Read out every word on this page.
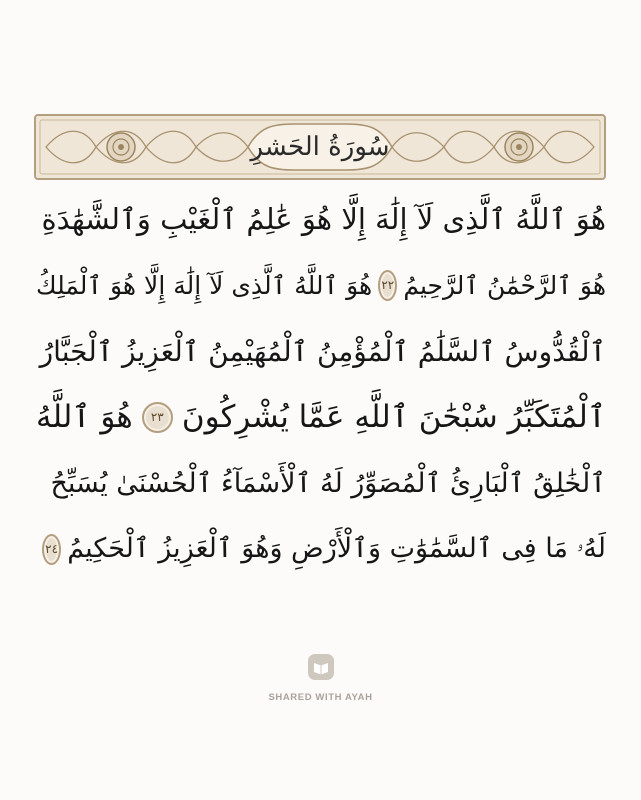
سُورَةُ الحَشرِ
هُوَ ٱللَّهُ ٱلَّذِى لَآ إِلَٰهَ إِلَّا هُوَ عَٰلِمُ ٱلْغَيْبِ وَٱلشَّهَٰدَةِ
هُوَ ٱلرَّحْمَٰنُ ٱلرَّحِيمُ
٢٢
هُوَ ٱللَّهُ ٱلَّذِى لَآ إِلَٰهَ إِلَّا هُوَ ٱلْمَلِكُ
ٱلْقُدُّوسُ ٱلسَّلَٰمُ ٱلْمُؤْمِنُ ٱلْمُهَيْمِنُ ٱلْعَزِيزُ ٱلْجَبَّارُ
ٱلْمُتَكَبِّرُ سُبْحَٰنَ ٱللَّهِ عَمَّا يُشْرِكُونَ
٢٣
هُوَ ٱللَّهُ
ٱلْخَٰلِقُ ٱلْبَارِئُ ٱلْمُصَوِّرُ لَهُ ٱلْأَسْمَآءُ ٱلْحُسْنَىٰ يُسَبِّحُ
لَهُۥ مَا فِى ٱلسَّمَٰوَٰتِ وَٱلْأَرْضِ وَهُوَ ٱلْعَزِيزُ ٱلْحَكِيمُ
٢٤
SHARED WITH AYAH
